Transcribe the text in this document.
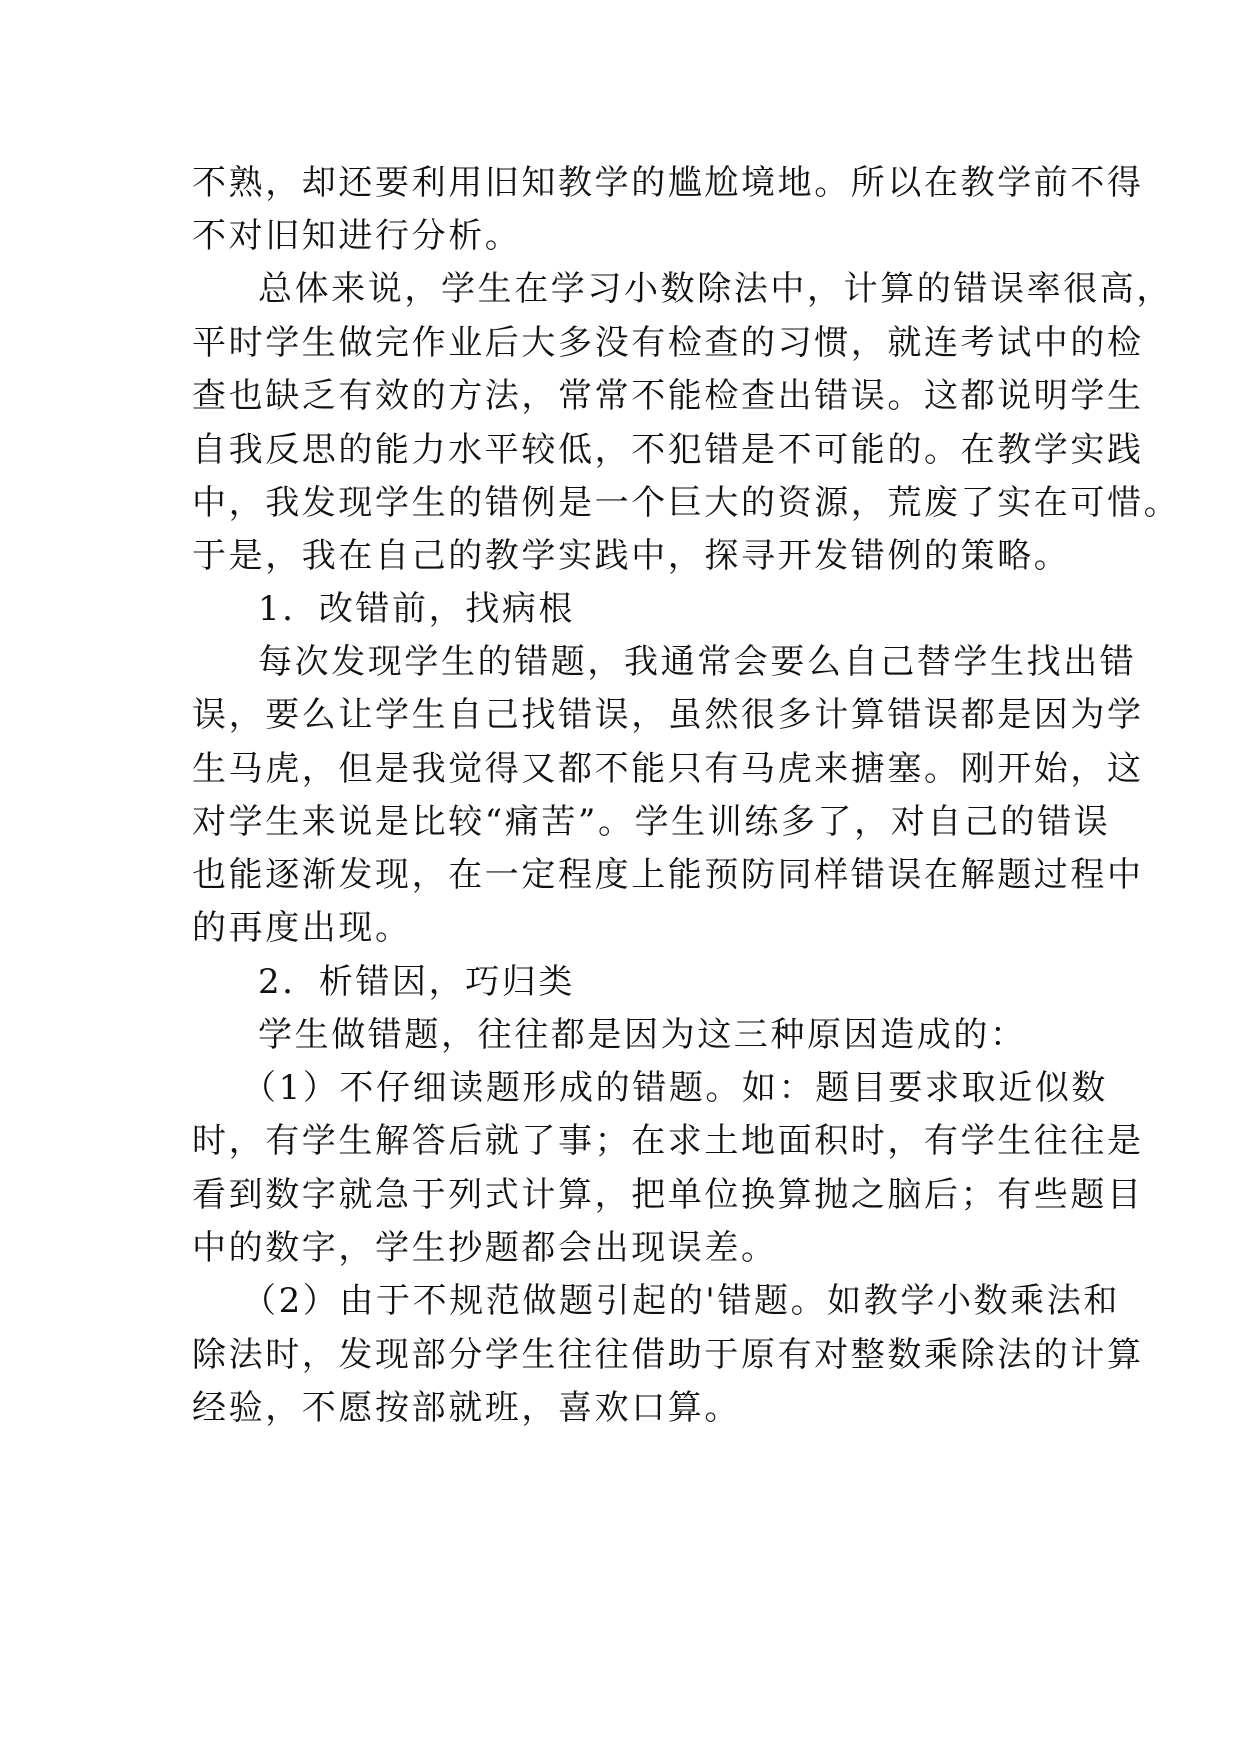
不熟，却还要利用旧知教学的尴尬境地。所以在教学前不得
不对旧知进行分析。
总体来说，学生在学习小数除法中，计算的错误率很高，
平时学生做完作业后大多没有检查的习惯，就连考试中的检
查也缺乏有效的方法，常常不能检查出错误。这都说明学生
自我反思的能力水平较低，不犯错是不可能的。在教学实践
中，我发现学生的错例是一个巨大的资源，荒废了实在可惜。
于是，我在自己的教学实践中，探寻开发错例的策略。
1．改错前，找病根
每次发现学生的错题，我通常会要么自己替学生找出错
误，要么让学生自己找错误，虽然很多计算错误都是因为学
生马虎，但是我觉得又都不能只有马虎来搪塞。刚开始，这
对学生来说是比较“痛苦”。学生训练多了，对自己的错误
也能逐渐发现，在一定程度上能预防同样错误在解题过程中
的再度出现。
2．析错因，巧归类
学生做错题，往往都是因为这三种原因造成的：
（1）不仔细读题形成的错题。如：题目要求取近似数
时，有学生解答后就了事；在求土地面积时，有学生往往是
看到数字就急于列式计算，把单位换算抛之脑后；有些题目
中的数字，学生抄题都会出现误差。
（2）由于不规范做题引起的'错题。如教学小数乘法和
除法时，发现部分学生往往借助于原有对整数乘除法的计算
经验，不愿按部就班，喜欢口算。
